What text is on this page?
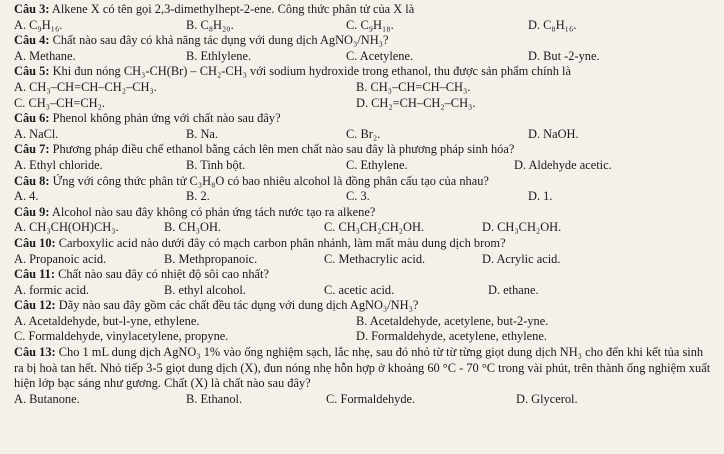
Câu 3: Alkene X có tên gọi 2,3-dimethylhept-2-ene. Công thức phân tử của X là
A. C₉H₁₆.	B. C₈H₂₀.	C. C₉H₁₈.	D. C₈H₁₆.
Câu 4: Chất nào sau đây có khả năng tác dụng với dung dịch AgNO₃/NH₃?
A. Methane.	B. Ethlylene.	C. Acetylene.	D. But -2-yne.
Câu 5: Khi đun nóng CH₃-CH(Br) – CH₂-CH₃ với sodium hydroxide trong ethanol, thu được sản phẩm chính là
A. CH₃–CH=CH–CH₂–CH₃.	B. CH₃–CH=CH–CH₃.
C. CH₃–CH=CH₂.	D. CH₂=CH–CH₂–CH₃.
Câu 6: Phenol không phản ứng với chất nào sau đây?
A. NaCl.	B. Na.	C. Br₂.	D. NaOH.
Câu 7: Phương pháp điều chế ethanol bằng cách lên men chất nào sau đây là phương pháp sinh hóa?
A. Ethyl chloride.	B. Tinh bột.	C. Ethylene.	D. Aldehyde acetic.
Câu 8: Ứng với công thức phân tử C₃H₈O có bao nhiêu alcohol là đồng phân cấu tạo của nhau?
A. 4.	B. 2.	C. 3.	D. 1.
Câu 9: Alcohol nào sau đây không có phản ứng tách nước tạo ra alkene?
A. CH₃CH(OH)CH₃.	B. CH₃OH.	C. CH₃CH₂CH₂OH.	D. CH₃CH₂OH.
Câu 10: Carboxylic acid nào dưới đây có mạch carbon phân nhánh, làm mất màu dung dịch brom?
A. Propanoic acid.	B. Methpropanoic.	C. Methacrylic acid.	D. Acrylic acid.
Câu 11: Chất nào sau đây có nhiệt độ sôi cao nhất?
A. formic acid.	B. ethyl alcohol.	C. acetic acid.	D. ethane.
Câu 12: Dãy nào sau đây gồm các chất đều tác dụng với dung dịch AgNO₃/NH₃?
A. Acetaldehyde, but-l-yne, ethylene.	B. Acetaldehyde, acetylene, but-2-yne.
C. Formaldehyde, vinylacetylene, propyne.	D. Formaldehyde, acetylene, ethylene.
Câu 13: Cho 1 mL dung dịch AgNO₃ 1% vào ống nghiệm sạch, lắc nhẹ, sau đó nhỏ từ từ từng giọt dung dịch NH₃ cho đến khi kết tủa sinh ra bị hoà tan hết. Nhỏ tiếp 3-5 giọt dung dịch (X), đun nóng nhẹ hỗn hợp ở khoảng 60 °C - 70 °C trong vài phút, trên thành ống nghiệm xuất hiện lớp bạc sáng như gương. Chất (X) là chất nào sau đây?
A. Butanone.	B. Ethanol.	C. Formaldehyde.	D. Glycerol.
